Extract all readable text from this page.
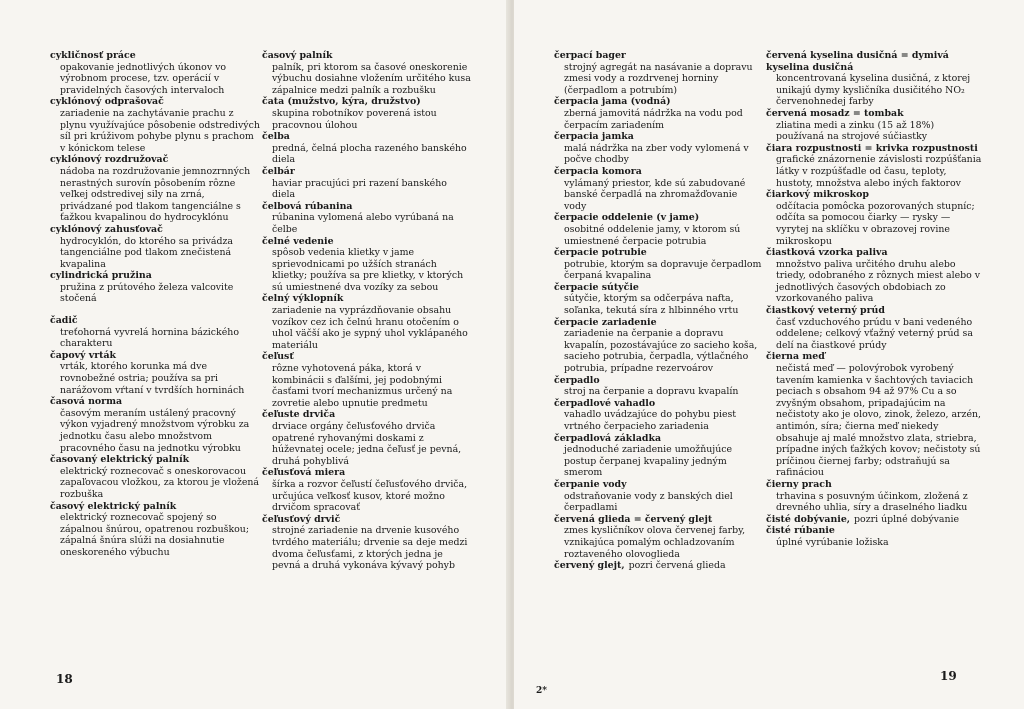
cykličnosť práce
opakovanie jednotlivých úkonov vo výrobnom procese, tzv. operácií v pravidelných časových intervaloch
cyklónový odprašovač
zariadenie na zachytávanie prachu z plynu využívajúce pôsobenie odstredivých síl pri krúživom pohybe plynu s prachom v kónickom telese
cyklónový rozdružovač
nádoba na rozdružovanie jemnozrnných nerastných surovín pôsobením rôzne veľkej odstredivej sily na zrná, privádzané pod tlakom tangenciálne s ťažkou kvapalinou do hydrocyklónu
cyklónový zahusťovač
hydrocyklón, do ktorého sa privádza tangenciálne pod tlakom znečistená kvapalina
cylindrická pružina
pružina z prútového železa valcovite stočená
čadič
treťohorná vyvrelá hornina bázického charakteru
čapový vrták
vrták, ktorého korunka má dve rovnobežné ostria; používa sa pri narážovom vŕtaní v tvrdších horninách
časová norma
časovým meraním ustálený pracovný výkon vyjadrený množstvom výrobku za jednotku času alebo množstvom pracovného času na jednotku výrobku
časovaný elektrický palník
elektrický roznecovač s oneskorovacou zapaľovacou vložkou, za ktorou je vložená rozbuška
časový elektrický palník
elektrický roznecovač spojený so zápalnou šnúrou, opatrenou rozbuškou; zápalná šnúra slúži na dosiahnutie oneskoreného výbuchu
časový palník
palník, pri ktorom sa časové oneskorenie výbuchu dosiahne vložením určitého kusa zápalnice medzi palník a rozbušku
čata (mužstvo, kýra, družstvo)
skupina robotníkov poverená istou pracovnou úlohou
čelba
predná, čelná plocha razeného banského diela
čelbár
haviar pracujúci pri razení banského diela
čelbová rúbanina
rúbanina vylomená alebo vyrúbaná na čelbe
čelné vedenie
spôsob vedenia klietky v jame sprievodnicami po užších stranách klietky; používa sa pre klietky, v ktorých sú umiestnené dva vozíky za sebou
čelný výklopník
zariadenie na vyprázdňovanie obsahu vozíkov cez ich čelnú hranu otočením o uhol väčší ako je sypný uhol vyklápaného materiálu
čeľusť
rôzne vyhotovená páka, ktorá v kombinácii s ďalšími, jej podobnými časťami tvorí mechanizmus určený na zovretie alebo upnutie predmetu
čeľuste drviča
drviace orgány čeľusťového drviča opatrené ryhovanými doskami z húževnatej ocele; jedna čeľusť je pevná, druhá pohyblivá
čeľusťová miera
šírka a rozvor čeľustí čeľusťového drviča, určujúca veľkosť kusov, ktoré možno drvičom spracovať
čeľusťový drvič
strojné zariadenie na drvenie kusového tvrdého materiálu; drvenie sa deje medzi dvoma čeľusťami, z ktorých jedna je pevná a druhá vykonáva kývavý pohyb
18
čerpací bager
strojný agregát na nasávanie a dopravu zmesi vody a rozdrvenej horniny (čerpadlom a potrubím)
čerpacia jama (vodná)
zberná jamovitá nádržka na vodu pod čerpacím zariadením
čerpacia jamka
malá nádržka na zber vody vylomená v počve chodby
čerpacia komora
vylámaný priestor, kde sú zabudované banské čerpadlá na zhromažďovanie vody
čerpacie oddelenie (v jame)
osobitné oddelenie jamy, v ktorom sú umiestnené čerpacie potrubia
čerpacie potrubie
potrubie, ktorým sa dopravuje čerpadlom čerpaná kvapalina
čerpacie sútyčie
sútyčie, ktorým sa odčerpáva nafta, soľanka, tekutá síra z hlbinného vrtu
čerpacie zariadenie
zariadenie na čerpanie a dopravu kvapalín, pozostávajúce zo sacieho koša, sacieho potrubia, čerpadla, výtlačného potrubia, prípadne rezervoárov
čerpadlo
stroj na čerpanie a dopravu kvapalín
čerpadlové vahadlo
vahadlo uvádzajúce do pohybu piest vrtného čerpacieho zariadenia
čerpadlová základka
jednoduché zariadenie umožňujúce postup čerpanej kvapaliny jedným smerom
čerpanie vody
odstraňovanie vody z banských diel čerpadlami
červená glieda = červený glejt
zmes kysličníkov olova červenej farby, vznikajúca pomalým ochladzovaním roztaveného olovoglieda
červený glejt, pozri červená glieda
červená kyselina dusičná = dymivá kyselina dusičná
koncentrovaná kyselina dusičná, z ktorej unikajú dymy kysličníka dusičitého NO₂ červenohnedej farby
červená mosadz = tombak
zliatina medi a zinku (15 až 18%) používaná na strojové súčiastky
čiara rozpustnosti = krivka rozpustnosti
grafické znázornenie závislosti rozpúšťania látky v rozpúšťadle od času, teploty, hustoty, množstva alebo iných faktorov
čiarkový mikroskop
odčítacia pomôcka pozorovaných stupníc; odčíta sa pomocou čiarky — rysky — vyrytej na sklíčku v obrazovej rovine mikroskopu
čiastková vzorka paliva
množstvo paliva určitého druhu alebo triedy, odobraného z rôznych miest alebo v jednotlivých časových obdobiach zo vzorkovaného paliva
čiastkový veterný prúd
časť vzduchového prúdu v bani vedeného oddelene; celkový vťažný veterný prúd sa delí na čiastkové prúdy
čierna meď
nečistá meď — polovýrobok vyrobený tavením kamienka v šachtových taviacich peciach s obsahom 94 až 97% Cu a so zvyšným obsahom, pripadajúcim na nečistoty ako je olovo, zinok, železo, arzén, antimón, síra; čierna meď niekedy obsahuje aj malé množstvo zlata, striebra, prípadne iných ťažkých kovov; nečistoty sú príčinou čiernej farby; odstraňujú sa rafináciou
čierny prach
trhavina s posuvným účinkom, zložená z drevného uhlia, síry a draselného liadku
čisté dobývanie, pozri úplné dobývanie
čisté rúbanie
úplné vyrúbanie ložiska
2*
19
